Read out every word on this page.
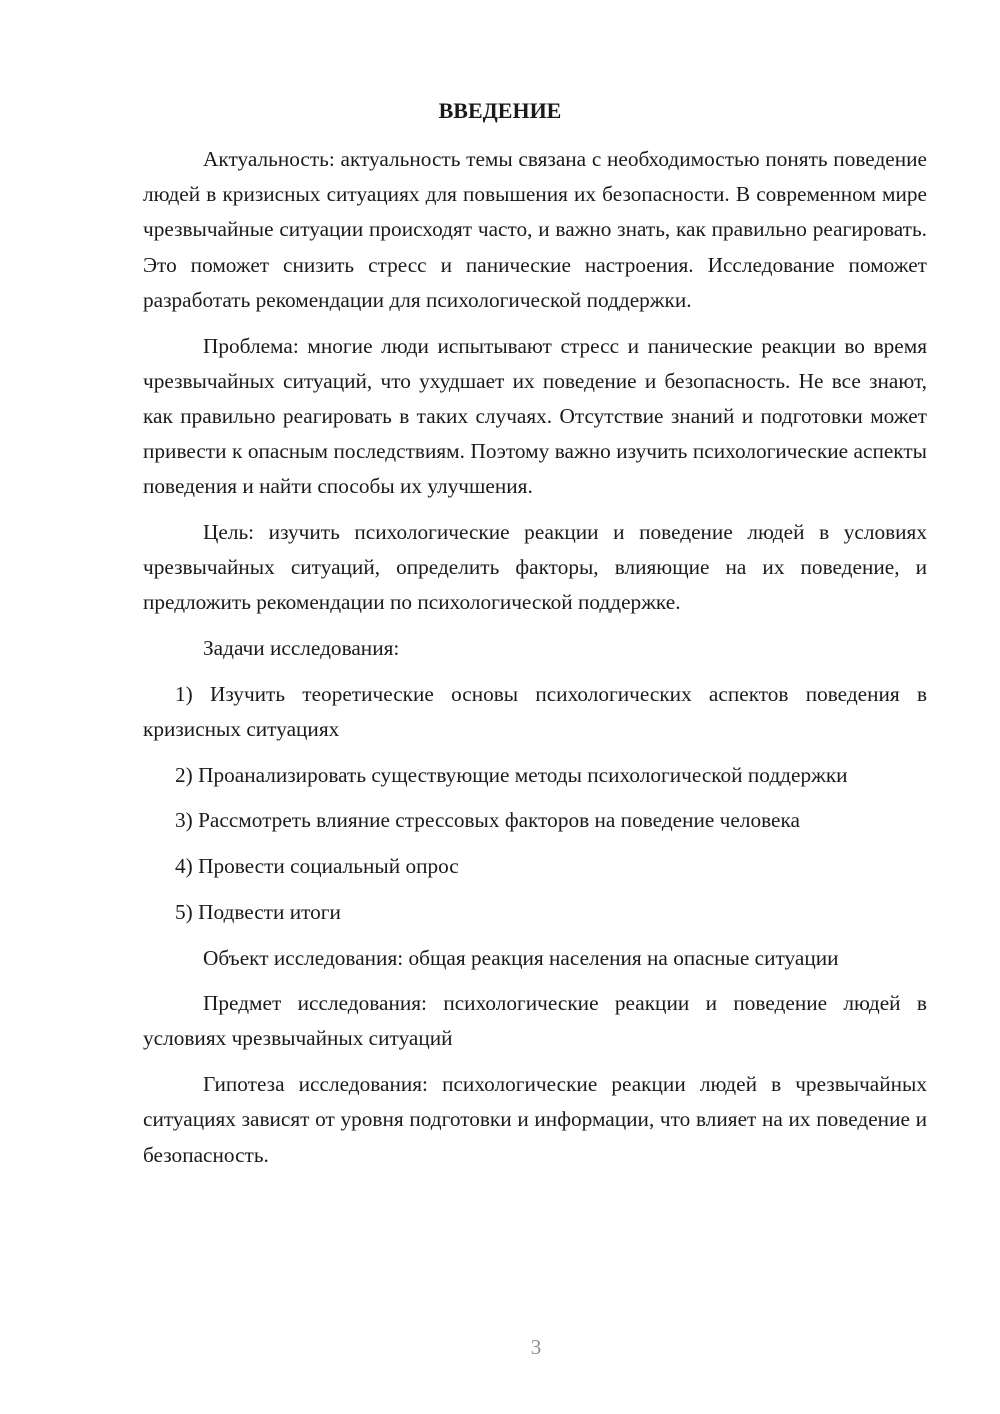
ВВЕДЕНИЕ

Актуальность: актуальность темы связана с необходимостью понять поведение людей в кризисных ситуациях для повышения их безопасности. В современном мире чрезвычайные ситуации происходят часто, и важно знать, как правильно реагировать. Это поможет снизить стресс и панические настроения. Исследование поможет разработать рекомендации для психологической поддержки.

Проблема: многие люди испытывают стресс и панические реакции во время чрезвычайных ситуаций, что ухудшает их поведение и безопасность. Не все знают, как правильно реагировать в таких случаях. Отсутствие знаний и подготовки может привести к опасным последствиям. Поэтому важно изучить психологические аспекты поведения и найти способы их улучшения.

Цель: изучить психологические реакции и поведение людей в условиях чрезвычайных ситуаций, определить факторы, влияющие на их поведение, и предложить рекомендации по психологической поддержке.

Задачи исследования:

1) Изучить теоретические основы психологических аспектов поведения в кризисных ситуациях

2) Проанализировать существующие методы психологической поддержки

3) Рассмотреть влияние стрессовых факторов на поведение человека

4) Провести социальный опрос

5) Подвести итоги

Объект исследования: общая реакция населения на опасные ситуации

Предмет исследования: психологические реакции и поведение людей в условиях чрезвычайных ситуаций

Гипотеза исследования: психологические реакции людей в чрезвычайных ситуациях зависят от уровня подготовки и информации, что влияет на их поведение и безопасность.

3
